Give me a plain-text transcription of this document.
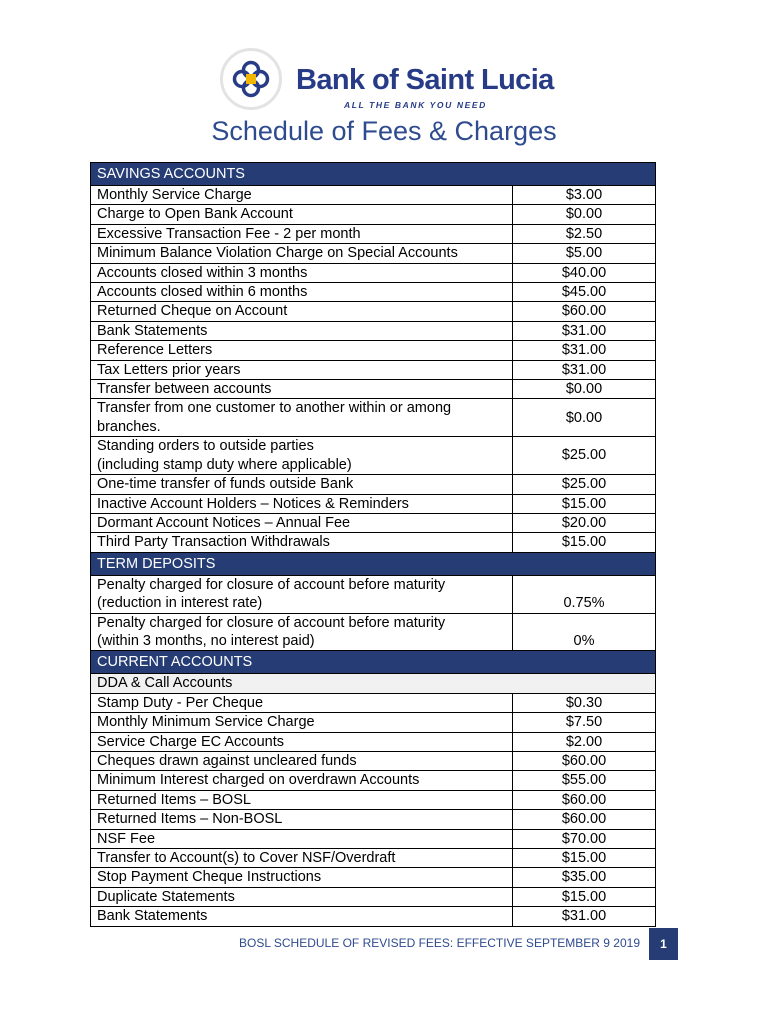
Bank of Saint Lucia
ALL THE BANK YOU NEED
Schedule of Fees & Charges
SAVINGS ACCOUNTS	
Monthly Service Charge	$3.00
Charge to Open Bank Account	$0.00
Excessive Transaction Fee - 2 per month	$2.50
Minimum Balance Violation Charge on Special Accounts	$5.00
Accounts closed within 3 months	$40.00
Accounts closed within 6 months	$45.00
Returned Cheque on Account	$60.00
Bank Statements	$31.00
Reference Letters	$31.00
Tax Letters prior years	$31.00
Transfer between accounts	$0.00
Transfer from one customer to another within or among branches.	$0.00
Standing orders to outside parties
(including stamp duty where applicable)	$25.00
One-time transfer of funds outside Bank	$25.00
Inactive Account Holders – Notices & Reminders	$15.00
Dormant Account Notices – Annual Fee	$20.00
Third Party Transaction Withdrawals	$15.00
TERM DEPOSITS	
Penalty charged for closure of account before maturity
(reduction in interest rate)	0.75%
Penalty charged for closure of account before maturity
(within 3 months, no interest paid)	0%
CURRENT ACCOUNTS	
DDA & Call Accounts	
Stamp Duty - Per Cheque	$0.30
Monthly Minimum Service Charge	$7.50
Service Charge EC Accounts	$2.00
Cheques drawn against uncleared funds	$60.00
Minimum Interest charged on overdrawn Accounts	$55.00
Returned Items – BOSL	$60.00
Returned Items – Non-BOSL	$60.00
NSF Fee	$70.00
Transfer to Account(s) to Cover NSF/Overdraft	$15.00
Stop Payment Cheque Instructions	$35.00
Duplicate Statements	$15.00
Bank Statements	$31.00
BOSL SCHEDULE OF REVISED FEES: EFFECTIVE SEPTEMBER 9 2019	1
